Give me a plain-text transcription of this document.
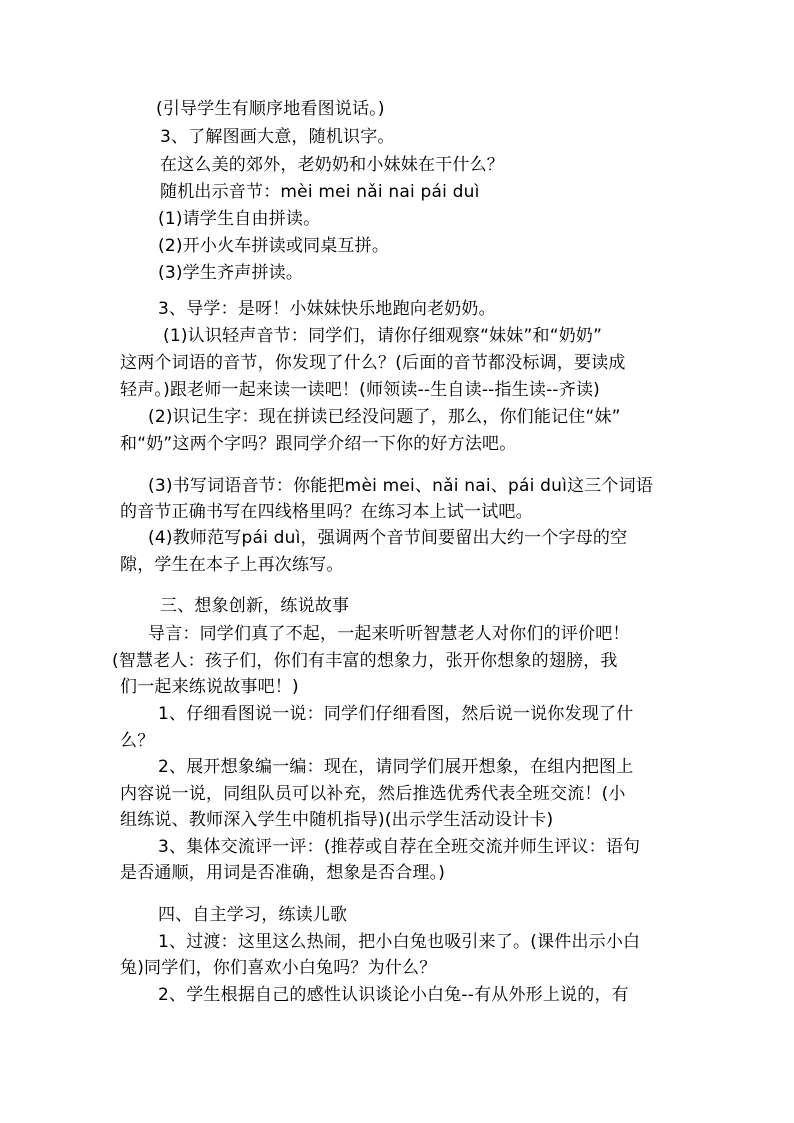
(引导学生有顺序地看图说话。)
3、了解图画大意，随机识字。
在这么美的郊外，老奶奶和小妹妹在干什么？
随机出示音节：mèi mei nǎi nai pái duì
(1)请学生自由拼读。
(2)开小火车拼读或同桌互拼。
(3)学生齐声拼读。
3、导学：是呀！小妹妹快乐地跑向老奶奶。
(1)认识轻声音节：同学们，请你仔细观察“妹妹”和“奶奶”
这两个词语的音节，你发现了什么？(后面的音节都没标调，要读成
轻声。)跟老师一起来读一读吧！(师领读--生自读--指生读--齐读)
(2)识记生字：现在拼读已经没问题了，那么，你们能记住“妹”
和“奶”这两个字吗？跟同学介绍一下你的好方法吧。
(3)书写词语音节：你能把mèi mei、nǎi nai、pái duì这三个词语
的音节正确书写在四线格里吗？在练习本上试一试吧。
(4)教师范写pái duì，强调两个音节间要留出大约一个字母的空
隙，学生在本子上再次练写。
三、想象创新，练说故事
导言：同学们真了不起，一起来听听智慧老人对你们的评价吧！
(智慧老人：孩子们，你们有丰富的想象力，张开你想象的翅膀，我
们一起来练说故事吧！)
1、仔细看图说一说：同学们仔细看图，然后说一说你发现了什
么？
2、展开想象编一编：现在，请同学们展开想象，在组内把图上
内容说一说，同组队员可以补充，然后推选优秀代表全班交流！(小
组练说、教师深入学生中随机指导)(出示学生活动设计卡)
3、集体交流评一评：(推荐或自荐在全班交流并师生评议：语句
是否通顺，用词是否准确，想象是否合理。)
四、自主学习，练读儿歌
1、过渡：这里这么热闹，把小白兔也吸引来了。(课件出示小白
兔)同学们，你们喜欢小白兔吗？为什么？
2、学生根据自己的感性认识谈论小白兔--有从外形上说的，有
